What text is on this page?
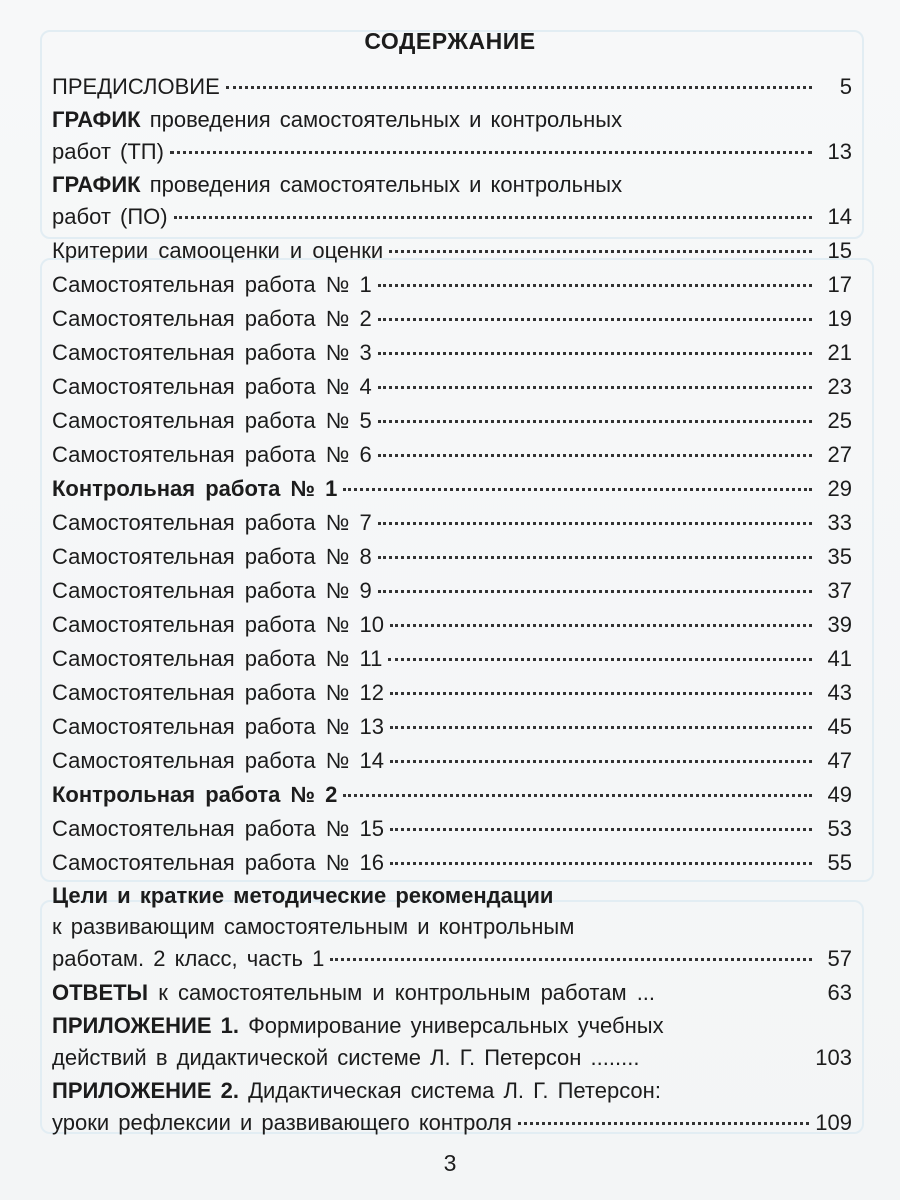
СОДЕРЖАНИЕ
ПРЕДИСЛОВИЕ	5
ГРАФИК проведения самостоятельных и контрольных
работ (ТП)	13
ГРАФИК проведения самостоятельных и контрольных
работ (ПО)	14
Критерии самооценки и оценки	15
Самостоятельная работа № 1	17
Самостоятельная работа № 2	19
Самостоятельная работа № 3	21
Самостоятельная работа № 4	23
Самостоятельная работа № 5	25
Самостоятельная работа № 6	27
Контрольная работа № 1	29
Самостоятельная работа № 7	33
Самостоятельная работа № 8	35
Самостоятельная работа № 9	37
Самостоятельная работа № 10	39
Самостоятельная работа № 11	41
Самостоятельная работа № 12	43
Самостоятельная работа № 13	45
Самостоятельная работа № 14	47
Контрольная работа № 2	49
Самостоятельная работа № 15	53
Самостоятельная работа № 16	55
Цели и краткие методические рекомендации
к развивающим самостоятельным и контрольным
работам. 2 класс, часть 1	57
ОТВЕТЫ к самостоятельным и контрольным работам ...	63
ПРИЛОЖЕНИЕ 1. Формирование универсальных учебных
действий в дидактической системе Л. Г. Петерсон ........	103
ПРИЛОЖЕНИЕ 2. Дидактическая система Л. Г. Петерсон:
уроки рефлексии и развивающего контроля	109
3
